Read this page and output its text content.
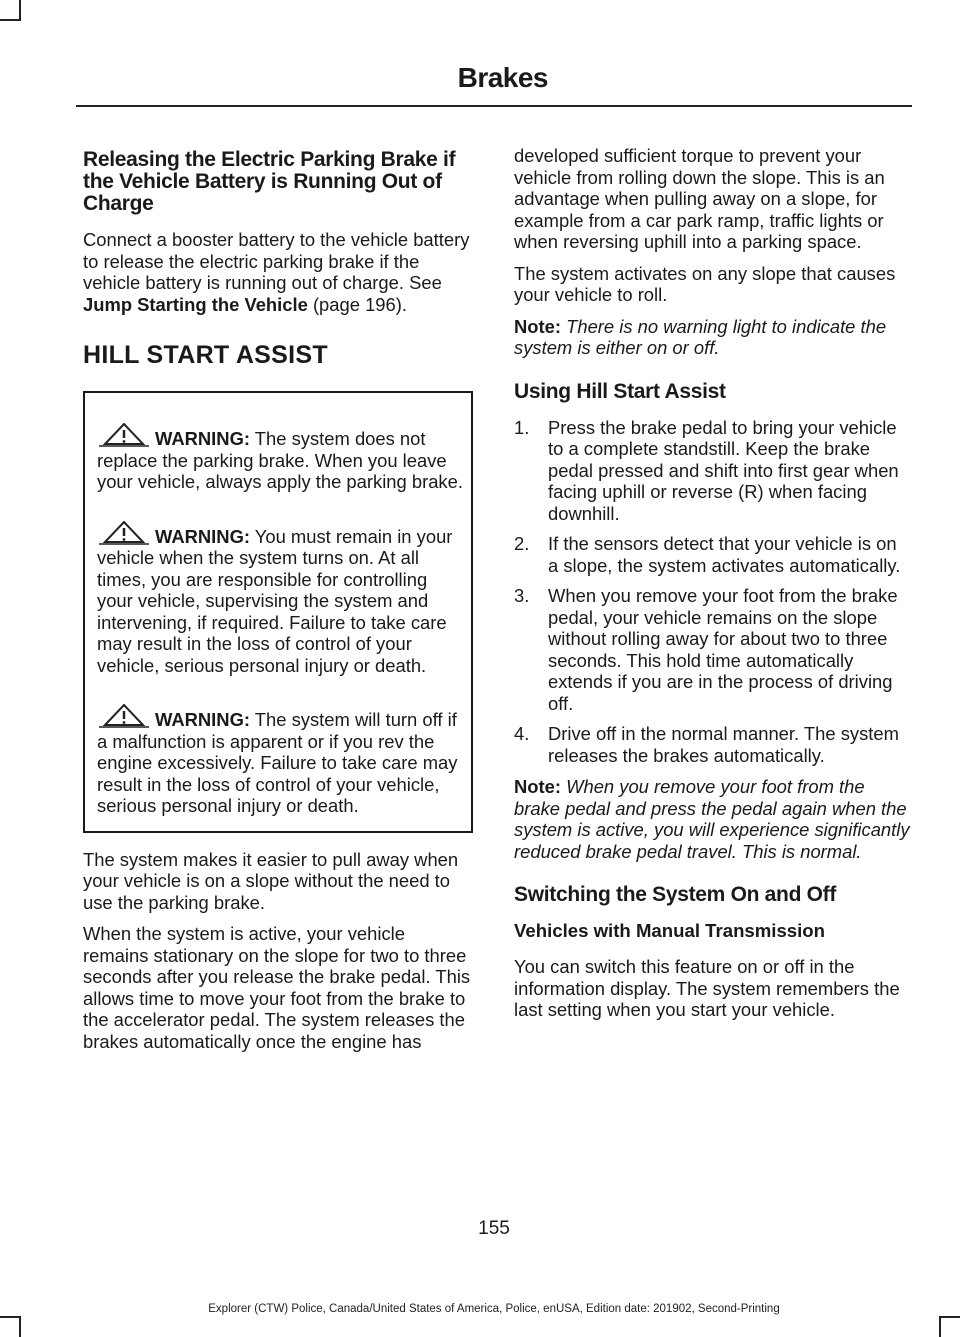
Brakes
Releasing the Electric Parking Brake if the Vehicle Battery is Running Out of Charge

Connect a booster battery to the vehicle battery to release the electric parking brake if the vehicle battery is running out of charge. See Jump Starting the Vehicle (page 196).

HILL START ASSIST

WARNING: The system does not replace the parking brake. When you leave your vehicle, always apply the parking brake.

WARNING: You must remain in your vehicle when the system turns on. At all times, you are responsible for controlling your vehicle, supervising the system and intervening, if required. Failure to take care may result in the loss of control of your vehicle, serious personal injury or death.

WARNING: The system will turn off if a malfunction is apparent or if you rev the engine excessively. Failure to take care may result in the loss of control of your vehicle, serious personal injury or death.

The system makes it easier to pull away when your vehicle is on a slope without the need to use the parking brake.

When the system is active, your vehicle remains stationary on the slope for two to three seconds after you release the brake pedal. This allows time to move your foot from the brake to the accelerator pedal. The system releases the brakes automatically once the engine has

developed sufficient torque to prevent your vehicle from rolling down the slope. This is an advantage when pulling away on a slope, for example from a car park ramp, traffic lights or when reversing uphill into a parking space.

The system activates on any slope that causes your vehicle to roll.

Note: There is no warning light to indicate the system is either on or off.

Using Hill Start Assist
1. Press the brake pedal to bring your vehicle to a complete standstill. Keep the brake pedal pressed and shift into first gear when facing uphill or reverse (R) when facing downhill.
2. If the sensors detect that your vehicle is on a slope, the system activates automatically.
3. When you remove your foot from the brake pedal, your vehicle remains on the slope without rolling away for about two to three seconds. This hold time automatically extends if you are in the process of driving off.
4. Drive off in the normal manner. The system releases the brakes automatically.

Note: When you remove your foot from the brake pedal and press the pedal again when the system is active, you will experience significantly reduced brake pedal travel. This is normal.

Switching the System On and Off
Vehicles with Manual Transmission

You can switch this feature on or off in the information display. The system remembers the last setting when you start your vehicle.

155
Explorer (CTW) Police, Canada/United States of America, Police, enUSA, Edition date: 201902, Second-Printing
